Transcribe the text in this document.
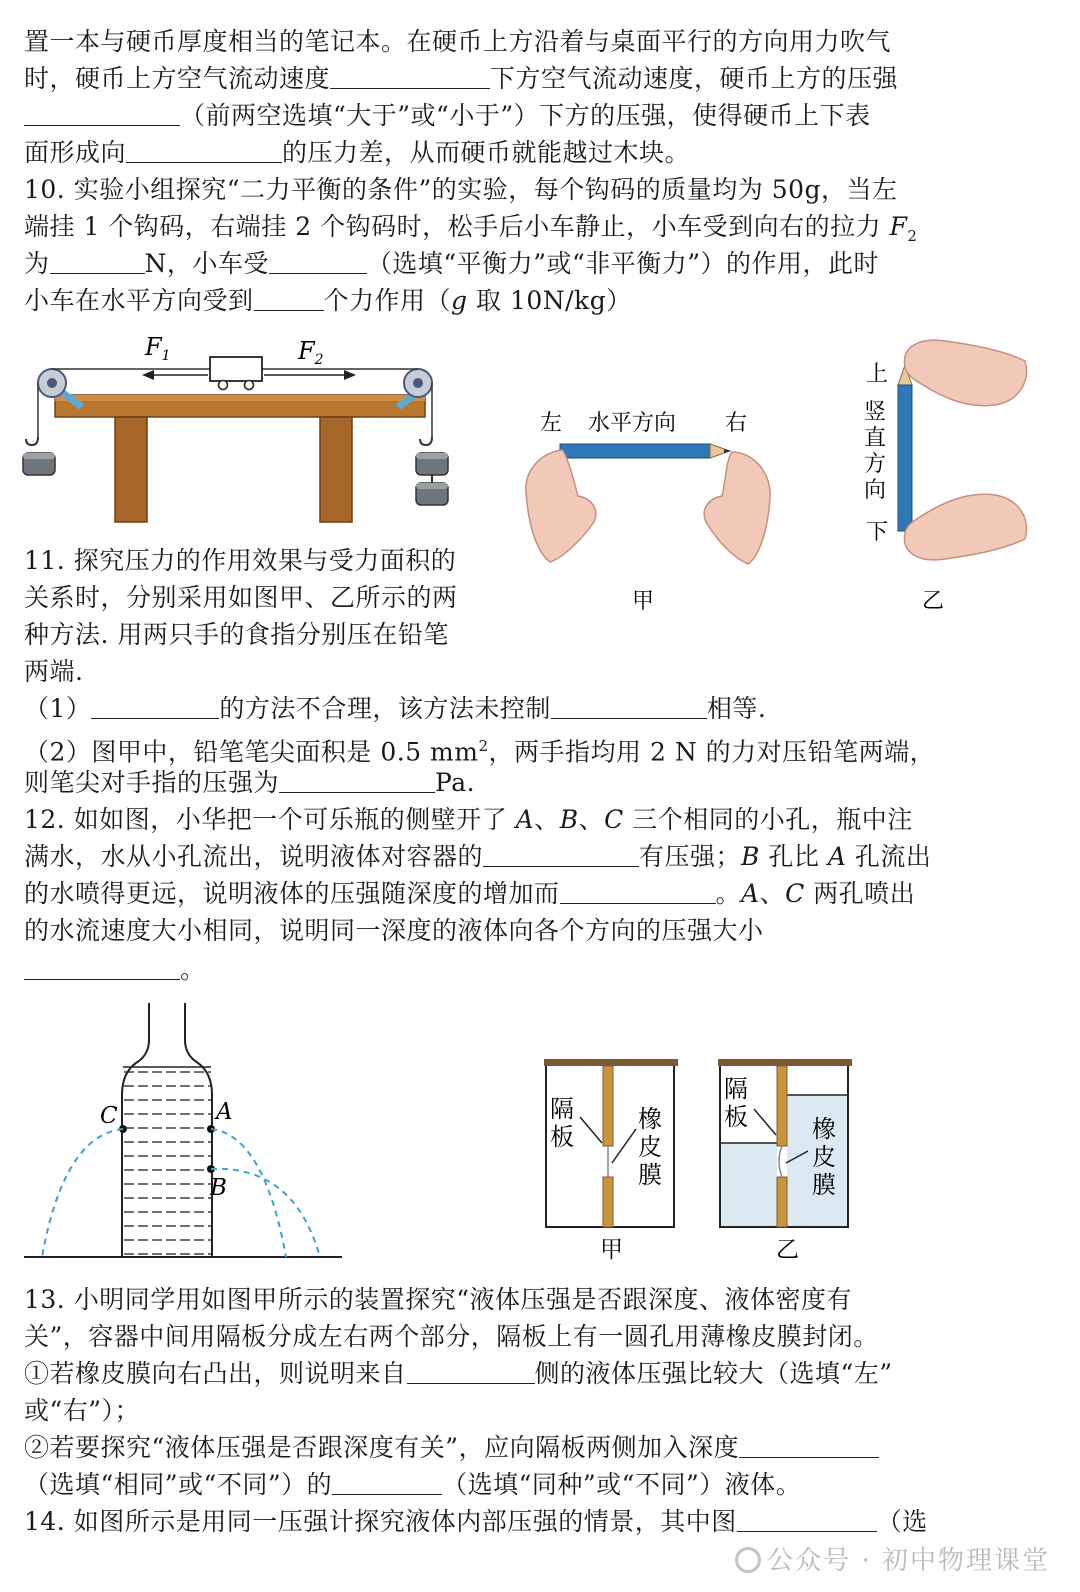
置一本与硬币厚度相当的笔记本。在硬币上方沿着与桌面平行的方向用力吹气
时，硬币上方空气流动速度	下方空气流动速度，硬币上方的压强
（前两空选填“大于”或“小于”）下方的压强，使得硬币上下表
面形成向	的压力差，从而硬币就能越过木块。
10. 实验小组探究“二力平衡的条件”的实验，每个钩码的质量均为 50g，当左
端挂 1 个钩码，右端挂 2 个钩码时，松手后小车静止，小车受到向右的拉力 $F_2$
为	N，小车受	（选填“平衡力”或“非平衡力”）的作用，此时
小车在水平方向受到	个力作用（g 取 10N/kg）
$F_1$	$F_2$
左 水平方向 右
甲
上
竖
直
方
向
下
乙
11. 探究压力的作用效果与受力面积的
关系时，分别采用如图甲、乙所示的两
种方法. 用两只手的食指分别压在铅笔
两端.
（1）	的方法不合理，该方法未控制	相等.
（2）图甲中，铅笔笔尖面积是 0.5 $mm^2$，两手指均用 2 N 的力对压铅笔两端，
则笔尖对手指的压强为	Pa.
12. 如如图，小华把一个可乐瓶的侧壁开了 A、B、C 三个相同的小孔，瓶中注
满水，水从小孔流出，说明液体对容器的	有压强；B 孔比 A 孔流出
的水喷得更远，说明液体的压强随深度的增加而	。A、C 两孔喷出
的水流速度大小相同，说明同一深度的液体向各个方向的压强大小
。
C	A
B
隔
板
橡
皮
膜
甲
隔
板	橡
皮
膜
乙
13. 小明同学用如图甲所示的装置探究“液体压强是否跟深度、液体密度有
关”，容器中间用隔板分成左右两个部分，隔板上有一圆孔用薄橡皮膜封闭。
①若橡皮膜向右凸出，则说明来自	侧的液体压强比较大（选填“左”
或“右”）；
②若要探究“液体压强是否跟深度有关”，应向隔板两侧加入深度
（选填“相同”或“不同”）的	（选填“同种”或“不同”）液体。
14. 如图所示是用同一压强计探究液体内部压强的情景，其中图	（选
公众号 · 初中物理课堂
